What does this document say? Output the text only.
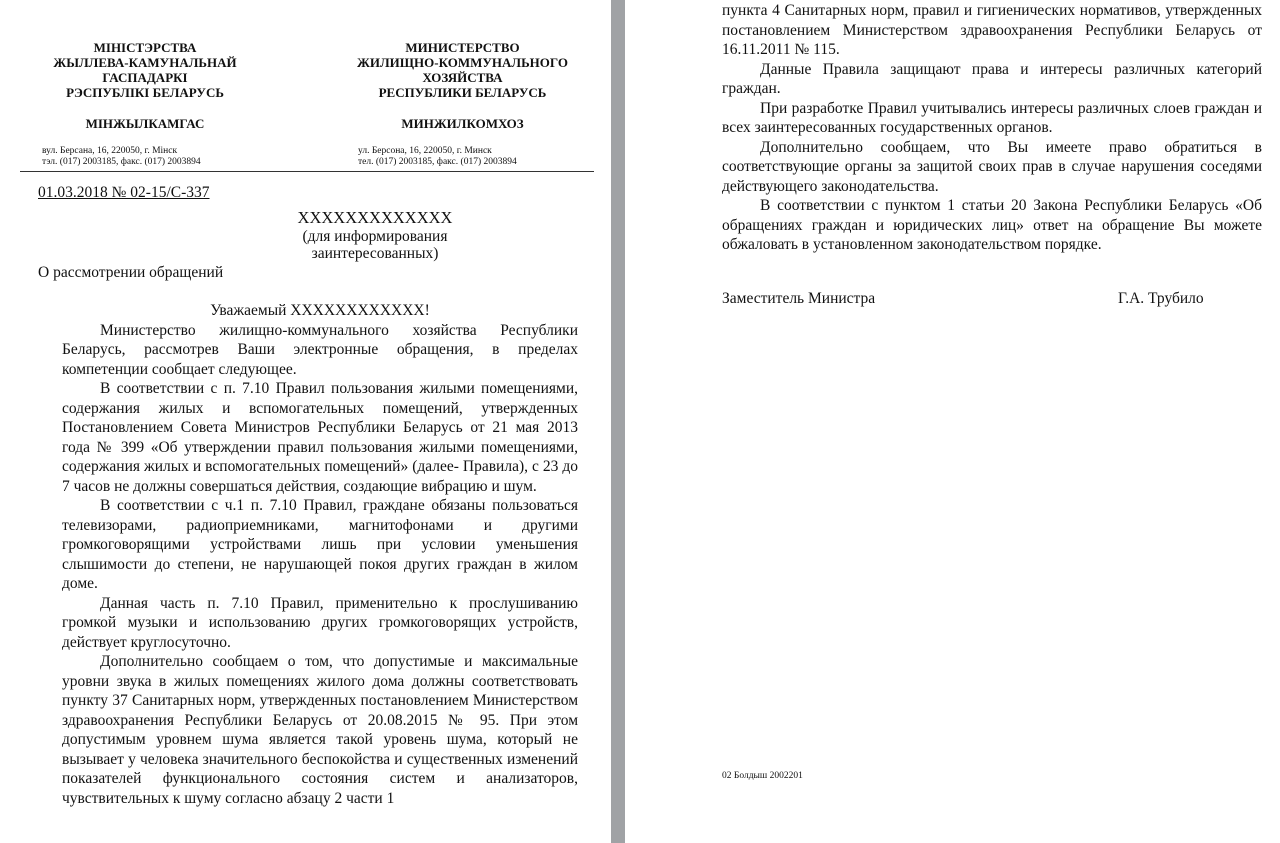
МІНІСТЭРСТВА
ЖЫЛЛЕВА-КАМУНАЛЬНАЙ
ГАСПАДАРКІ
РЭСПУБЛІКІ БЕЛАРУСЬ
МИНИСТЕРСТВО
ЖИЛИЩНО-КОММУНАЛЬНОГО
ХОЗЯЙСТВА
РЕСПУБЛИКИ БЕЛАРУСЬ
МІНЖЫЛКАМГАС	МИНЖИЛКОМХОЗ
вул. Берсана, 16, 220050, г. Мінск
тэл. (017) 2003185, факс. (017) 2003894
ул. Берсона, 16, 220050, г. Минск
тел. (017) 2003185, факс. (017) 2003894
01.03.2018 № 02-15/С-337
XXXXXXXXXXXXX
(для информирования заинтересованных)
О рассмотрении обращений

Уважаемый XXXXXXXXXXXX!

Министерство жилищно-коммунального хозяйства Республики Беларусь, рассмотрев Ваши электронные обращения, в пределах компетенции сообщает следующее.

В соответствии с п. 7.10 Правил пользования жилыми помещениями, содержания жилых и вспомогательных помещений, утвержденных Постановлением Совета Министров Республики Беларусь от 21 мая 2013 года № 399 «Об утверждении правил пользования жилыми помещениями, содержания жилых и вспомогательных помещений» (далее- Правила), с 23 до 7 часов не должны совершаться действия, создающие вибрацию и шум.

В соответствии с ч.1 п. 7.10 Правил, граждане обязаны пользоваться телевизорами, радиоприемниками, магнитофонами и другими громкоговорящими устройствами лишь при условии уменьшения слышимости до степени, не нарушающей покоя других граждан в жилом доме.

Данная часть п. 7.10 Правил, применительно к прослушиванию громкой музыки и использованию других громкоговорящих устройств, действует круглосуточно.

Дополнительно сообщаем о том, что допустимые и максимальные уровни звука в жилых помещениях жилого дома должны соответствовать пункту 37 Санитарных норм, утвержденных постановлением Министерством здравоохранения Республики Беларусь от 20.08.2015 № 95. При этом допустимым уровнем шума является такой уровень шума, который не вызывает у человека значительного беспокойства и существенных изменений показателей функционального состояния систем и анализаторов, чувствительных к шуму согласно абзацу 2 части 1

пункта 4 Санитарных норм, правил и гигиенических нормативов, утвержденных постановлением Министерством здравоохранения Республики Беларусь от 16.11.2011 № 115.

Данные Правила защищают права и интересы различных категорий граждан.

При разработке Правил учитывались интересы различных слоев граждан и всех заинтересованных государственных органов.

Дополнительно сообщаем, что Вы имеете право обратиться в соответствующие органы за защитой своих прав в случае нарушения соседями действующего законодательства.

В соответствии с пунктом 1 статьи 20 Закона Республики Беларусь «Об обращениях граждан и юридических лиц» ответ на обращение Вы можете обжаловать в установленном законодательством порядке.

Заместитель Министра	Г.А. Трубило
02 Болдыш 2002201
